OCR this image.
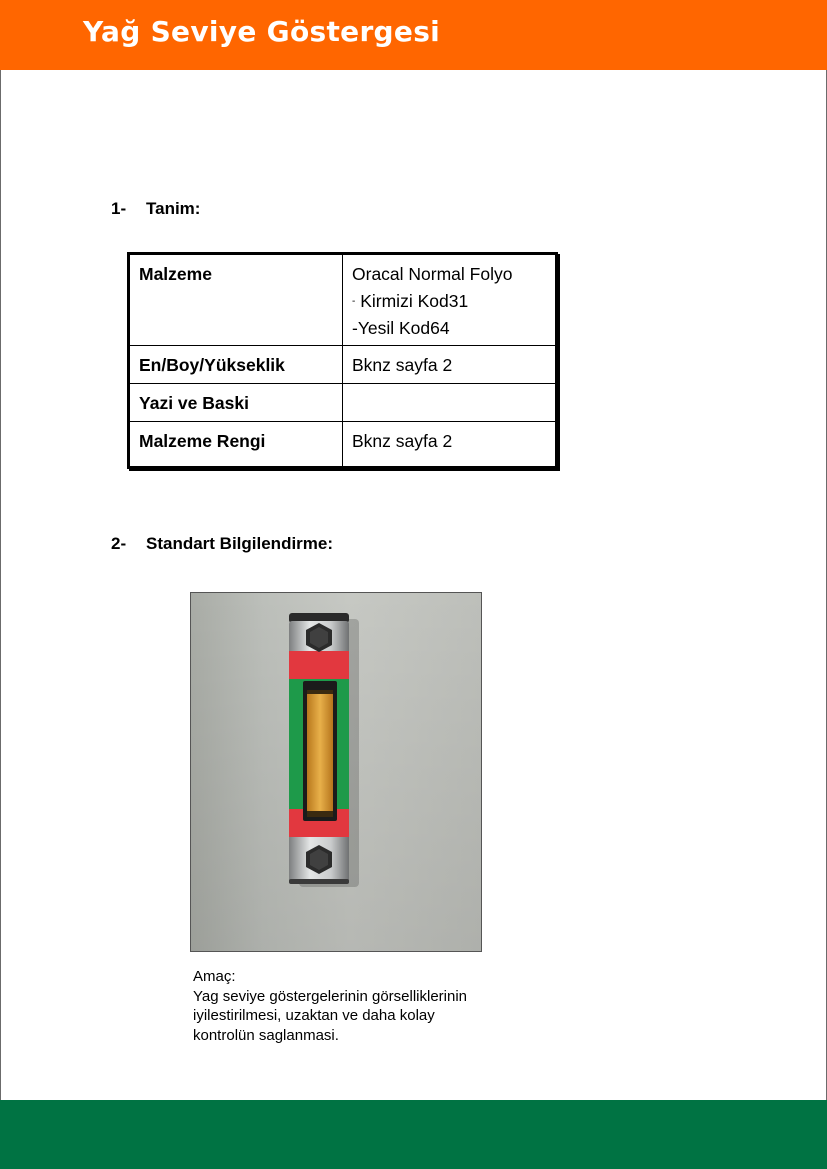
Yağ Seviye Göstergesi
1- Tanim:
Malzeme	Oracal Normal Folyo
- Kirmizi Kod31
-Yesil Kod64

En/Boy/Yükseklik	Bknz sayfa 2
Yazi ve Baski	
Malzeme Rengi	Bknz sayfa 2
2- Standart Bilgilendirme:
Amaç:
Yag seviye göstergelerinin görselliklerinin
iyilestirilmesi, uzaktan ve daha kolay
kontrolün saglanmasi.
